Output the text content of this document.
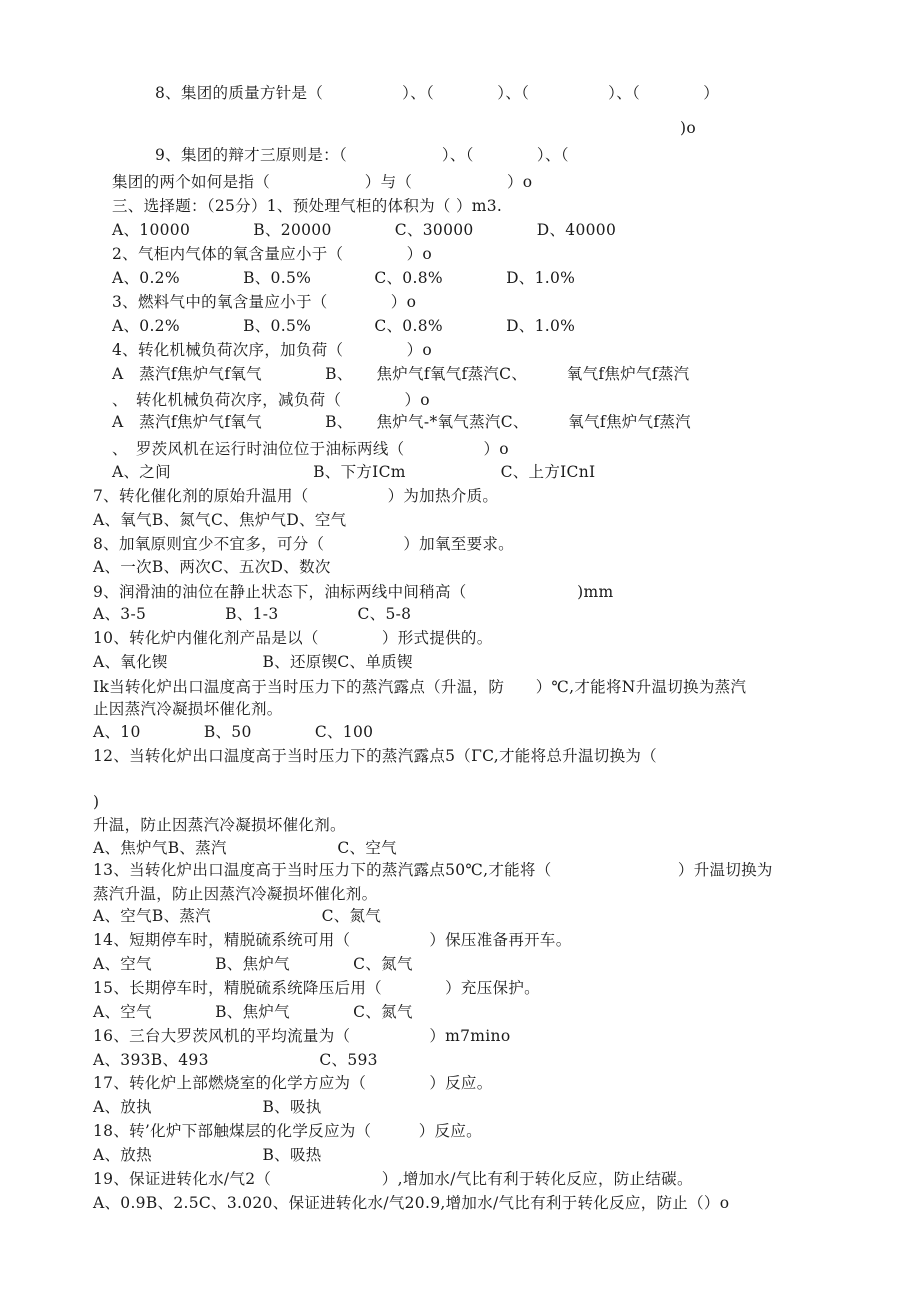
8、集团的质量方针是（　　　　　）、（　　　　）、（　　　　　）、（　　　　）
)o
9、集团的辩才三原则是：（　　　　　　）、（　　　　）、（
集团的两个如何是指（　　　　　　）与（　　　　　　）o
三、选择题：（25分）1、预处理气柜的体积为（ ）m3.
A、10000　　　　B、20000　　　　C、30000　　　　D、40000
2、气柜内气体的氧含量应小于（　　　　）o
A、0.2%　　　　B、0.5%　　　　C、0.8%　　　　D、1.0%
3、燃料气中的氧含量应小于（　　　　）o
A、0.2%　　　　B、0.5%　　　　C、0.8%　　　　D、1.0%
4、转化机械负荷次序，加负荷（　　　　）o
A　蒸汽f焦炉气f氧气　　　　B、　　焦炉气f氧气f蒸汽C、　　　氧气f焦炉气f蒸汽
、　转化机械负荷次序，减负荷（　　　　）o
A　蒸汽f焦炉气f氧气　　　　B、　　焦炉气-*氧气蒸汽C、　　　氧气f焦炉气f蒸汽
、　罗茨风机在运行时油位位于油标两线（　　　　　）o
A、之间　　　　　　　　　B、下方ICm　　　　　　C、上方ICnI
7、转化催化剂的原始升温用（　　　　　）为加热介质。
A、氧气B、氮气C、焦炉气D、空气
8、加氧原则宜少不宜多，可分（　　　　　）加氧至要求。
A、一次B、两次C、五次D、数次
9、润滑油的油位在静止状态下，油标两线中间稍高（　　　　　　　)mm
A、3-5　　　　　B、1-3　　　　　C、5-8
10、转化炉内催化剂产品是以（　　　　）形式提供的。
A、氧化锲　　　　　　B、还原锲C、单质锲
Ik当转化炉出口温度高于当时压力下的蒸汽露点（升温，防　　）℃,才能将N升温切换为蒸汽
止因蒸汽冷凝损坏催化剂。
A、10　　　　B、50　　　　C、100
12、当转化炉出口温度高于当时压力下的蒸汽露点5（ΓC,才能将总升温切换为（
)
升温，防止因蒸汽冷凝损坏催化剂。
A、焦炉气B、蒸汽　　　　　　　C、空气
13、当转化炉出口温度高于当时压力下的蒸汽露点50℃,才能将（　　　　　　　　）升温切换为
蒸汽升温，防止因蒸汽冷凝损坏催化剂。
A、空气B、蒸汽　　　　　　　C、氮气
14、短期停车时，精脱硫系统可用（　　　　　）保压准备再开车。
A、空气　　　　B、焦炉气　　　　C、氮气
15、长期停车时，精脱硫系统降压后用（　　　　）充压保护。
A、空气　　　　B、焦炉气　　　　C、氮气
16、三台大罗茨风机的平均流量为（　　　　　）m7mino
A、393B、493　　　　　　　C、593
17、转化炉上部燃烧室的化学方应为（　　　　）反应。
A、放执　　　　　　　B、吸执
18、转’化炉下部触煤层的化学反应为（　　　）反应。
A、放热　　　　　　　B、吸热
19、保证进转化水/气2（　　　　　　　）,增加水/气比有利于转化反应，防止结碳。
A、0.9B、2.5C、3.020、保证进转化水/气20.9,增加水/气比有利于转化反应，防止（）o
